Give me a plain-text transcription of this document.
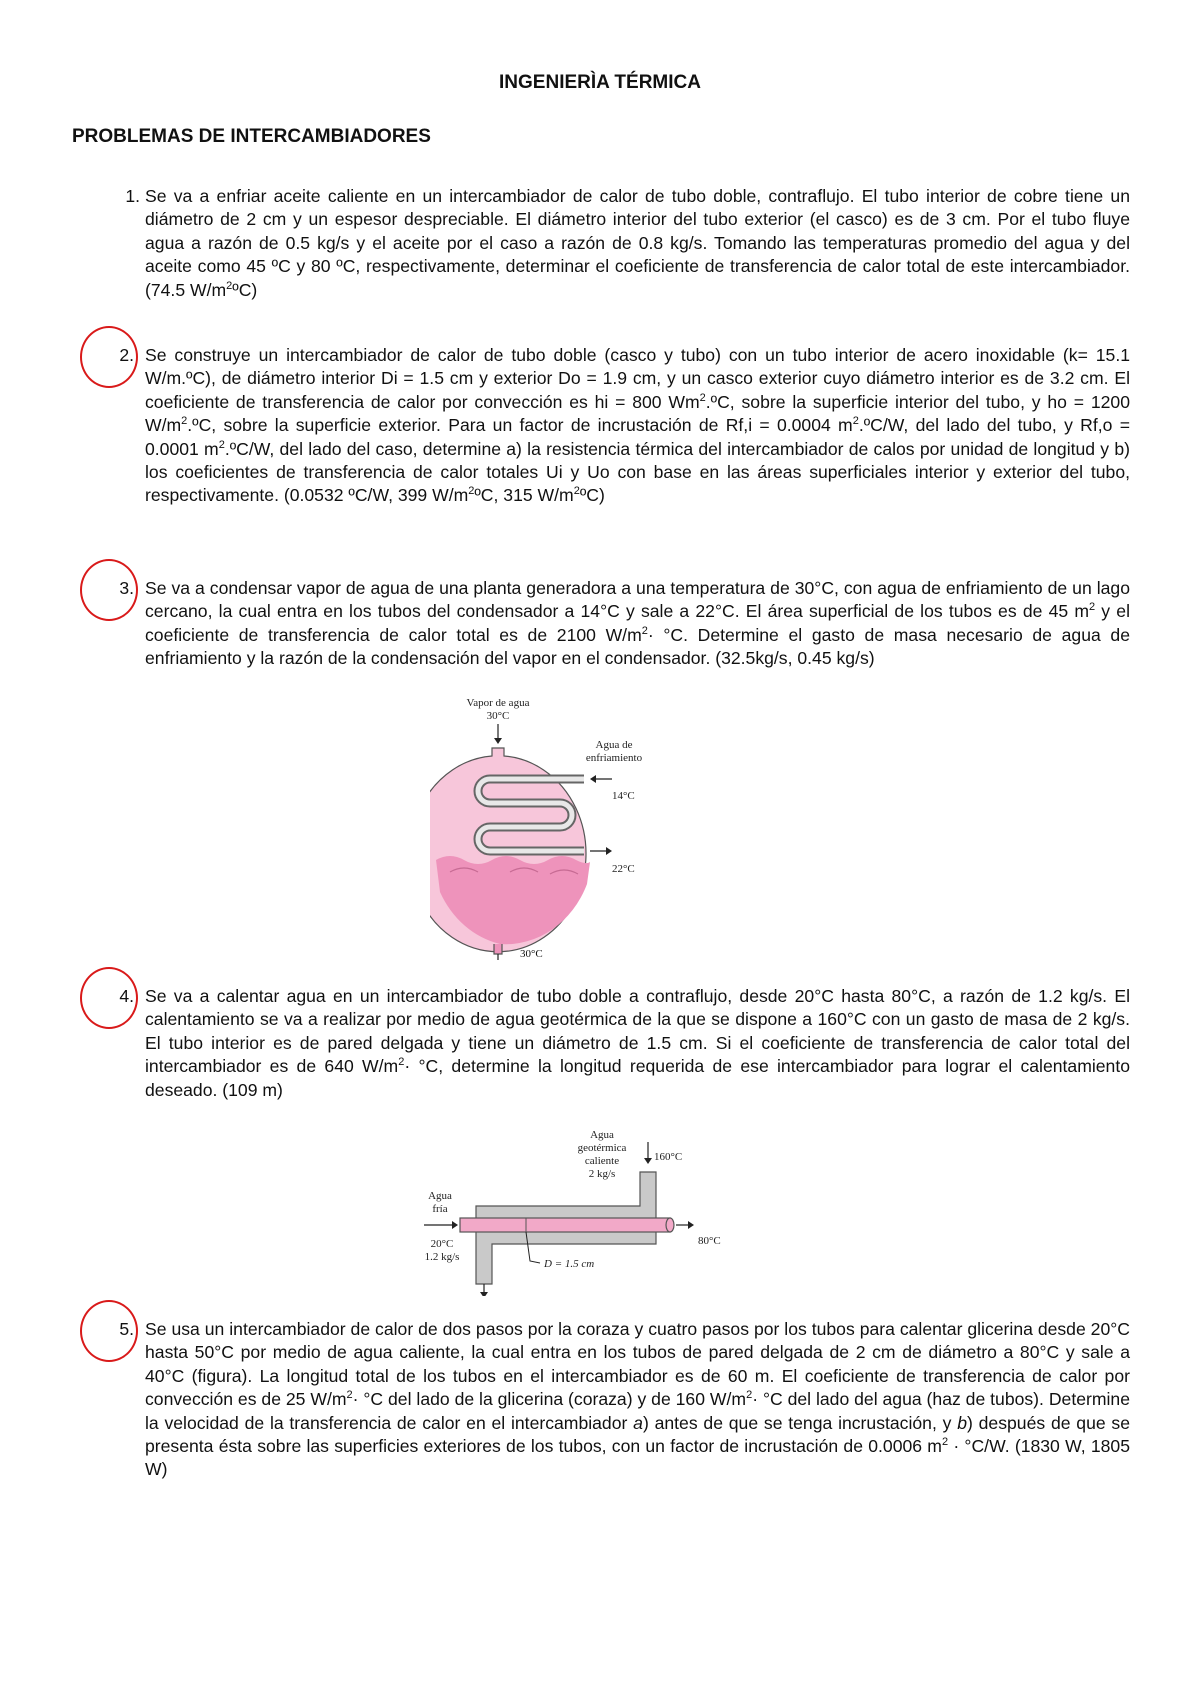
INGENIERÌA TÉRMICA
PROBLEMAS DE INTERCAMBIADORES
1. Se va a enfriar aceite caliente en un intercambiador de calor de tubo doble, contraflujo. El tubo interior de cobre tiene un diámetro de 2 cm y un espesor despreciable. El diámetro interior del tubo exterior (el casco) es de 3 cm. Por el tubo fluye agua a razón de 0.5 kg/s y el aceite por el caso a razón de 0.8 kg/s. Tomando las temperaturas promedio del agua y del aceite como 45 ºC y 80 ºC, respectivamente, determinar el coeficiente de transferencia de calor total de este intercambiador. (74.5 $W/m^2ºC$)
2. Se construye un intercambiador de calor de tubo doble (casco y tubo) con un tubo interior de acero inoxidable (k= 15.1 W/m.ºC), de diámetro interior Di = 1.5 cm y exterior Do = 1.9 cm, y un casco exterior cuyo diámetro interior es de 3.2 cm. El coeficiente de transferencia de calor por convección es hi = 800 Wm$^2$.ºC, sobre la superficie interior del tubo, y ho = 1200 $W/m^2.ºC$, sobre la superficie exterior. Para un factor de incrustación de Rf,i = 0.0004 $m^2.ºC/W$, del lado del tubo, y Rf,o = 0.0001 $m^2.ºC/W$, del lado del caso, determine a) la resistencia térmica del intercambiador de calos por unidad de longitud y b) los coeficientes de transferencia de calor totales Ui y Uo con base en las áreas superficiales interior y exterior del tubo, respectivamente. (0.0532 ºC/W, 399 $W/m^2ºC$, 315 $W/m^2ºC$)
3. Se va a condensar vapor de agua de una planta generadora a una temperatura de 30°C, con agua de enfriamiento de un lago cercano, la cual entra en los tubos del condensador a 14°C y sale a 22°C. El área superficial de los tubos es de 45 $m^2$ y el coeficiente de transferencia de calor total es de 2100 $W/m^2\cdot ^\circ C$. Determine el gasto de masa necesario de agua de enfriamiento y la razón de la condensación del vapor en el condensador. (32.5kg/s, 0.45 kg/s)
Vapor de agua
30°C
Agua de
enfriamiento
14°C
22°C
30°C
4. Se va a calentar agua en un intercambiador de tubo doble a contraflujo, desde 20°C hasta 80°C, a razón de 1.2 kg/s. El calentamiento se va a realizar por medio de agua geotérmica de la que se dispone a 160°C con un gasto de masa de 2 kg/s. El tubo interior es de pared delgada y tiene un diámetro de 1.5 cm. Si el coeficiente de transferencia de calor total del intercambiador es de 640 $W/m^2\cdot ^\circ C$, determine la longitud requerida de ese intercambiador para lograr el calentamiento deseado. (109 m)
Agua
geotérmica
caliente
2 kg/s
160°C
Agua
fría
20°C
1.2 kg/s
80°C
D = 1.5 cm
5. Se usa un intercambiador de calor de dos pasos por la coraza y cuatro pasos por los tubos para calentar glicerina desde 20°C hasta 50°C por medio de agua caliente, la cual entra en los tubos de pared delgada de 2 cm de diámetro a 80°C y sale a 40°C (figura). La longitud total de los tubos en el intercambiador es de 60 m. El coeficiente de transferencia de calor por convección es de 25 $W/m^2\cdot ^\circ C$ del lado de la glicerina (coraza) y de 160 $W/m^2\cdot ^\circ C$ del lado del agua (haz de tubos). Determine la velocidad de la transferencia de calor en el intercambiador a) antes de que se tenga incrustación, y b) después de que se presenta ésta sobre las superficies exteriores de los tubos, con un factor de incrustación de 0.0006 $m^2 \cdot ^\circ C/W$. (1830 W, 1805 W)
